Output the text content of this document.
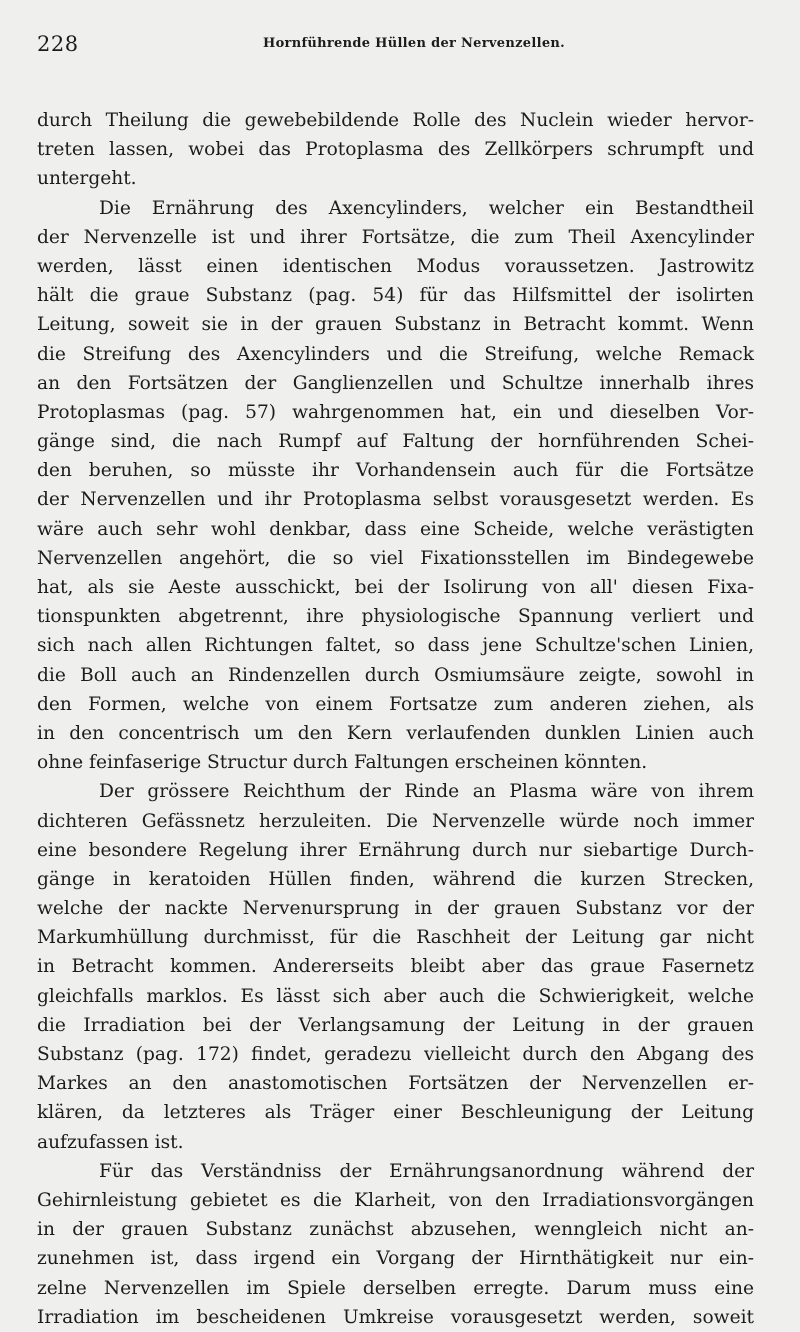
228	Hornführende Hüllen der Nervenzellen.
durch Theilung die gewebebildende Rolle des Nuclein wieder hervor-
treten lassen, wobei das Protoplasma des Zellkörpers schrumpft und
untergeht.
Die Ernährung des Axencylinders, welcher ein Bestandtheil
der Nervenzelle ist und ihrer Fortsätze, die zum Theil Axencylinder
werden, lässt einen identischen Modus voraussetzen. Jastrowitz
hält die graue Substanz (pag. 54) für das Hilfsmittel der isolirten
Leitung, soweit sie in der grauen Substanz in Betracht kommt. Wenn
die Streifung des Axencylinders und die Streifung, welche Remack
an den Fortsätzen der Ganglienzellen und Schultze innerhalb ihres
Protoplasmas (pag. 57) wahrgenommen hat, ein und dieselben Vor-
gänge sind, die nach Rumpf auf Faltung der hornführenden Schei-
den beruhen, so müsste ihr Vorhandensein auch für die Fortsätze
der Nervenzellen und ihr Protoplasma selbst vorausgesetzt werden. Es
wäre auch sehr wohl denkbar, dass eine Scheide, welche verästigten
Nervenzellen angehört, die so viel Fixationsstellen im Bindegewebe
hat, als sie Aeste ausschickt, bei der Isolirung von all' diesen Fixa-
tionspunkten abgetrennt, ihre physiologische Spannung verliert und
sich nach allen Richtungen faltet, so dass jene Schultze'schen Linien,
die Boll auch an Rindenzellen durch Osmiumsäure zeigte, sowohl in
den Formen, welche von einem Fortsatze zum anderen ziehen, als
in den concentrisch um den Kern verlaufenden dunklen Linien auch
ohne feinfaserige Structur durch Faltungen erscheinen könnten.
Der grössere Reichthum der Rinde an Plasma wäre von ihrem
dichteren Gefässnetz herzuleiten. Die Nervenzelle würde noch immer
eine besondere Regelung ihrer Ernährung durch nur siebartige Durch-
gänge in keratoiden Hüllen finden, während die kurzen Strecken,
welche der nackte Nervenursprung in der grauen Substanz vor der
Markumhüllung durchmisst, für die Raschheit der Leitung gar nicht
in Betracht kommen. Andererseits bleibt aber das graue Fasernetz
gleichfalls marklos. Es lässt sich aber auch die Schwierigkeit, welche
die Irradiation bei der Verlangsamung der Leitung in der grauen
Substanz (pag. 172) findet, geradezu vielleicht durch den Abgang des
Markes an den anastomotischen Fortsätzen der Nervenzellen er-
klären, da letzteres als Träger einer Beschleunigung der Leitung
aufzufassen ist.
Für das Verständniss der Ernährungsanordnung während der
Gehirnleistung gebietet es die Klarheit, von den Irradiationsvorgängen
in der grauen Substanz zunächst abzusehen, wenngleich nicht an-
zunehmen ist, dass irgend ein Vorgang der Hirnthätigkeit nur ein-
zelne Nervenzellen im Spiele derselben erregte. Darum muss eine
Irradiation im bescheidenen Umkreise vorausgesetzt werden, soweit
